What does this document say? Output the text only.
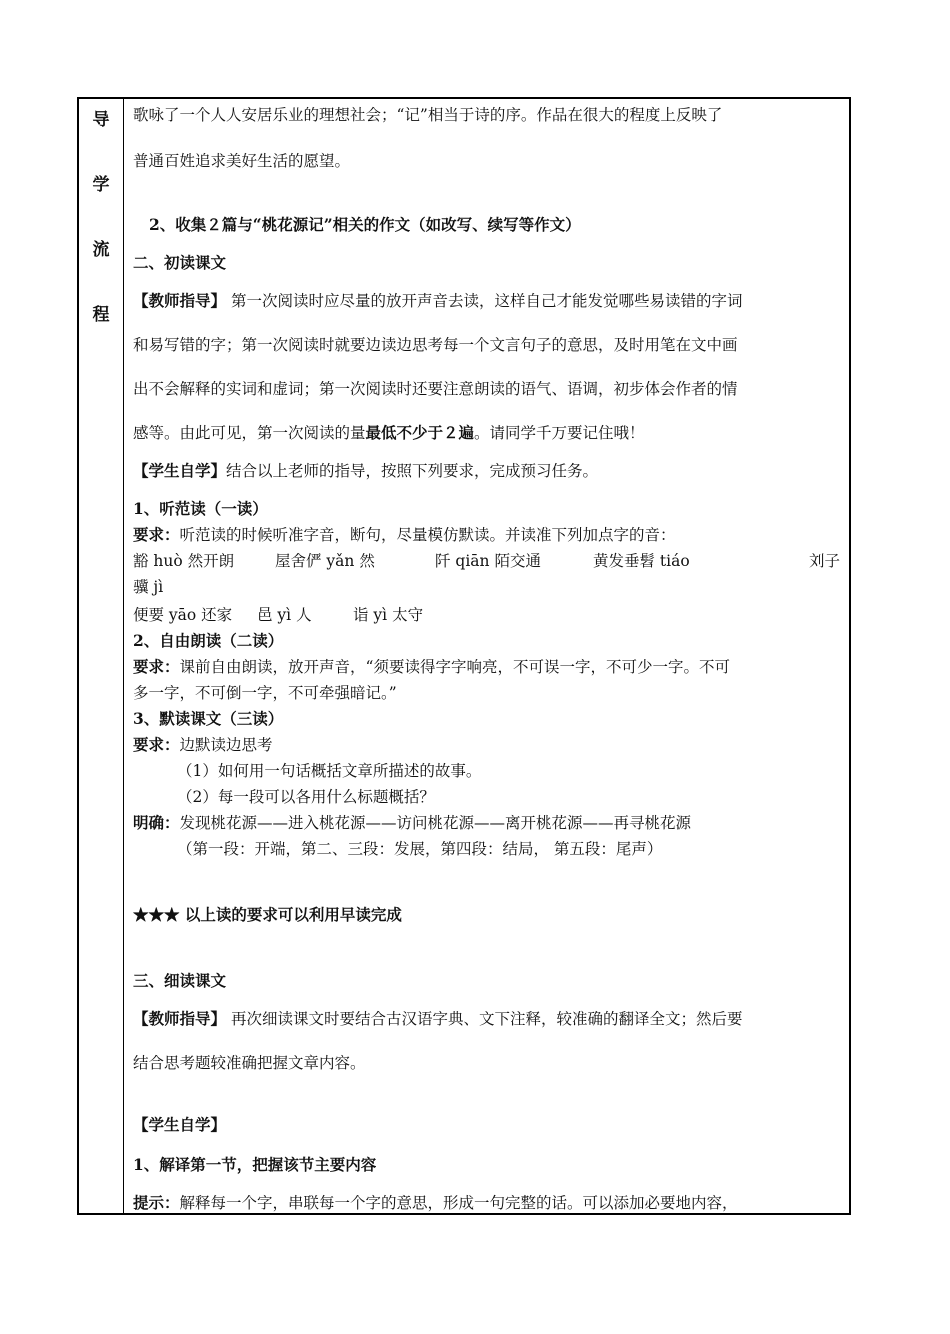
导
学
流
程
歌咏了一个人人安居乐业的理想社会；“记”相当于诗的序。作品在很大的程度上反映了
普通百姓追求美好生活的愿望。
2、收集２篇与“桃花源记”相关的作文（如改写、续写等作文）
二、初读课文
【教师指导】 第一次阅读时应尽量的放开声音去读，这样自己才能发觉哪些易读错的字词
和易写错的字；第一次阅读时就要边读边思考每一个文言句子的意思，及时用笔在文中画
出不会解释的实词和虚词；第一次阅读时还要注意朗读的语气、语调，初步体会作者的情
感等。由此可见，第一次阅读的量最低不少于２遍。请同学千万要记住哦！
【学生自学】结合以上老师的指导，按照下列要求，完成预习任务。
1、听范读（一读）
要求：听范读的时候听准字音，断句，尽量模仿默读。并读准下列加点字的音：
豁 huò 然开朗	屋舍俨 yǎn 然	阡 qiān 陌交通	黄发垂髫 tiáo	刘子
骥 jì
便要 yāo 还家 邑 yì 人	诣 yì 太守
2、自由朗读（二读）
要求：课前自由朗读，放开声音，“须要读得字字响亮，不可误一字，不可少一字。不可
多一字，不可倒一字，不可牵强暗记。”
3、默读课文（三读）
要求：边默读边思考
（1）如何用一句话概括文章所描述的故事。
（2）每一段可以各用什么标题概括？
明确：发现桃花源——进入桃花源——访问桃花源——离开桃花源——再寻桃花源
（第一段：开端，第二、三段：发展，第四段：结局， 第五段：尾声）
★★★ 以上读的要求可以利用早读完成
三、细读课文
【教师指导】 再次细读课文时要结合古汉语字典、文下注释，较准确的翻译全文；然后要
结合思考题较准确把握文章内容。
【学生自学】
1、解译第一节，把握该节主要内容
提示：解释每一个字，串联每一个字的意思，形成一句完整的话。可以添加必要地内容，
